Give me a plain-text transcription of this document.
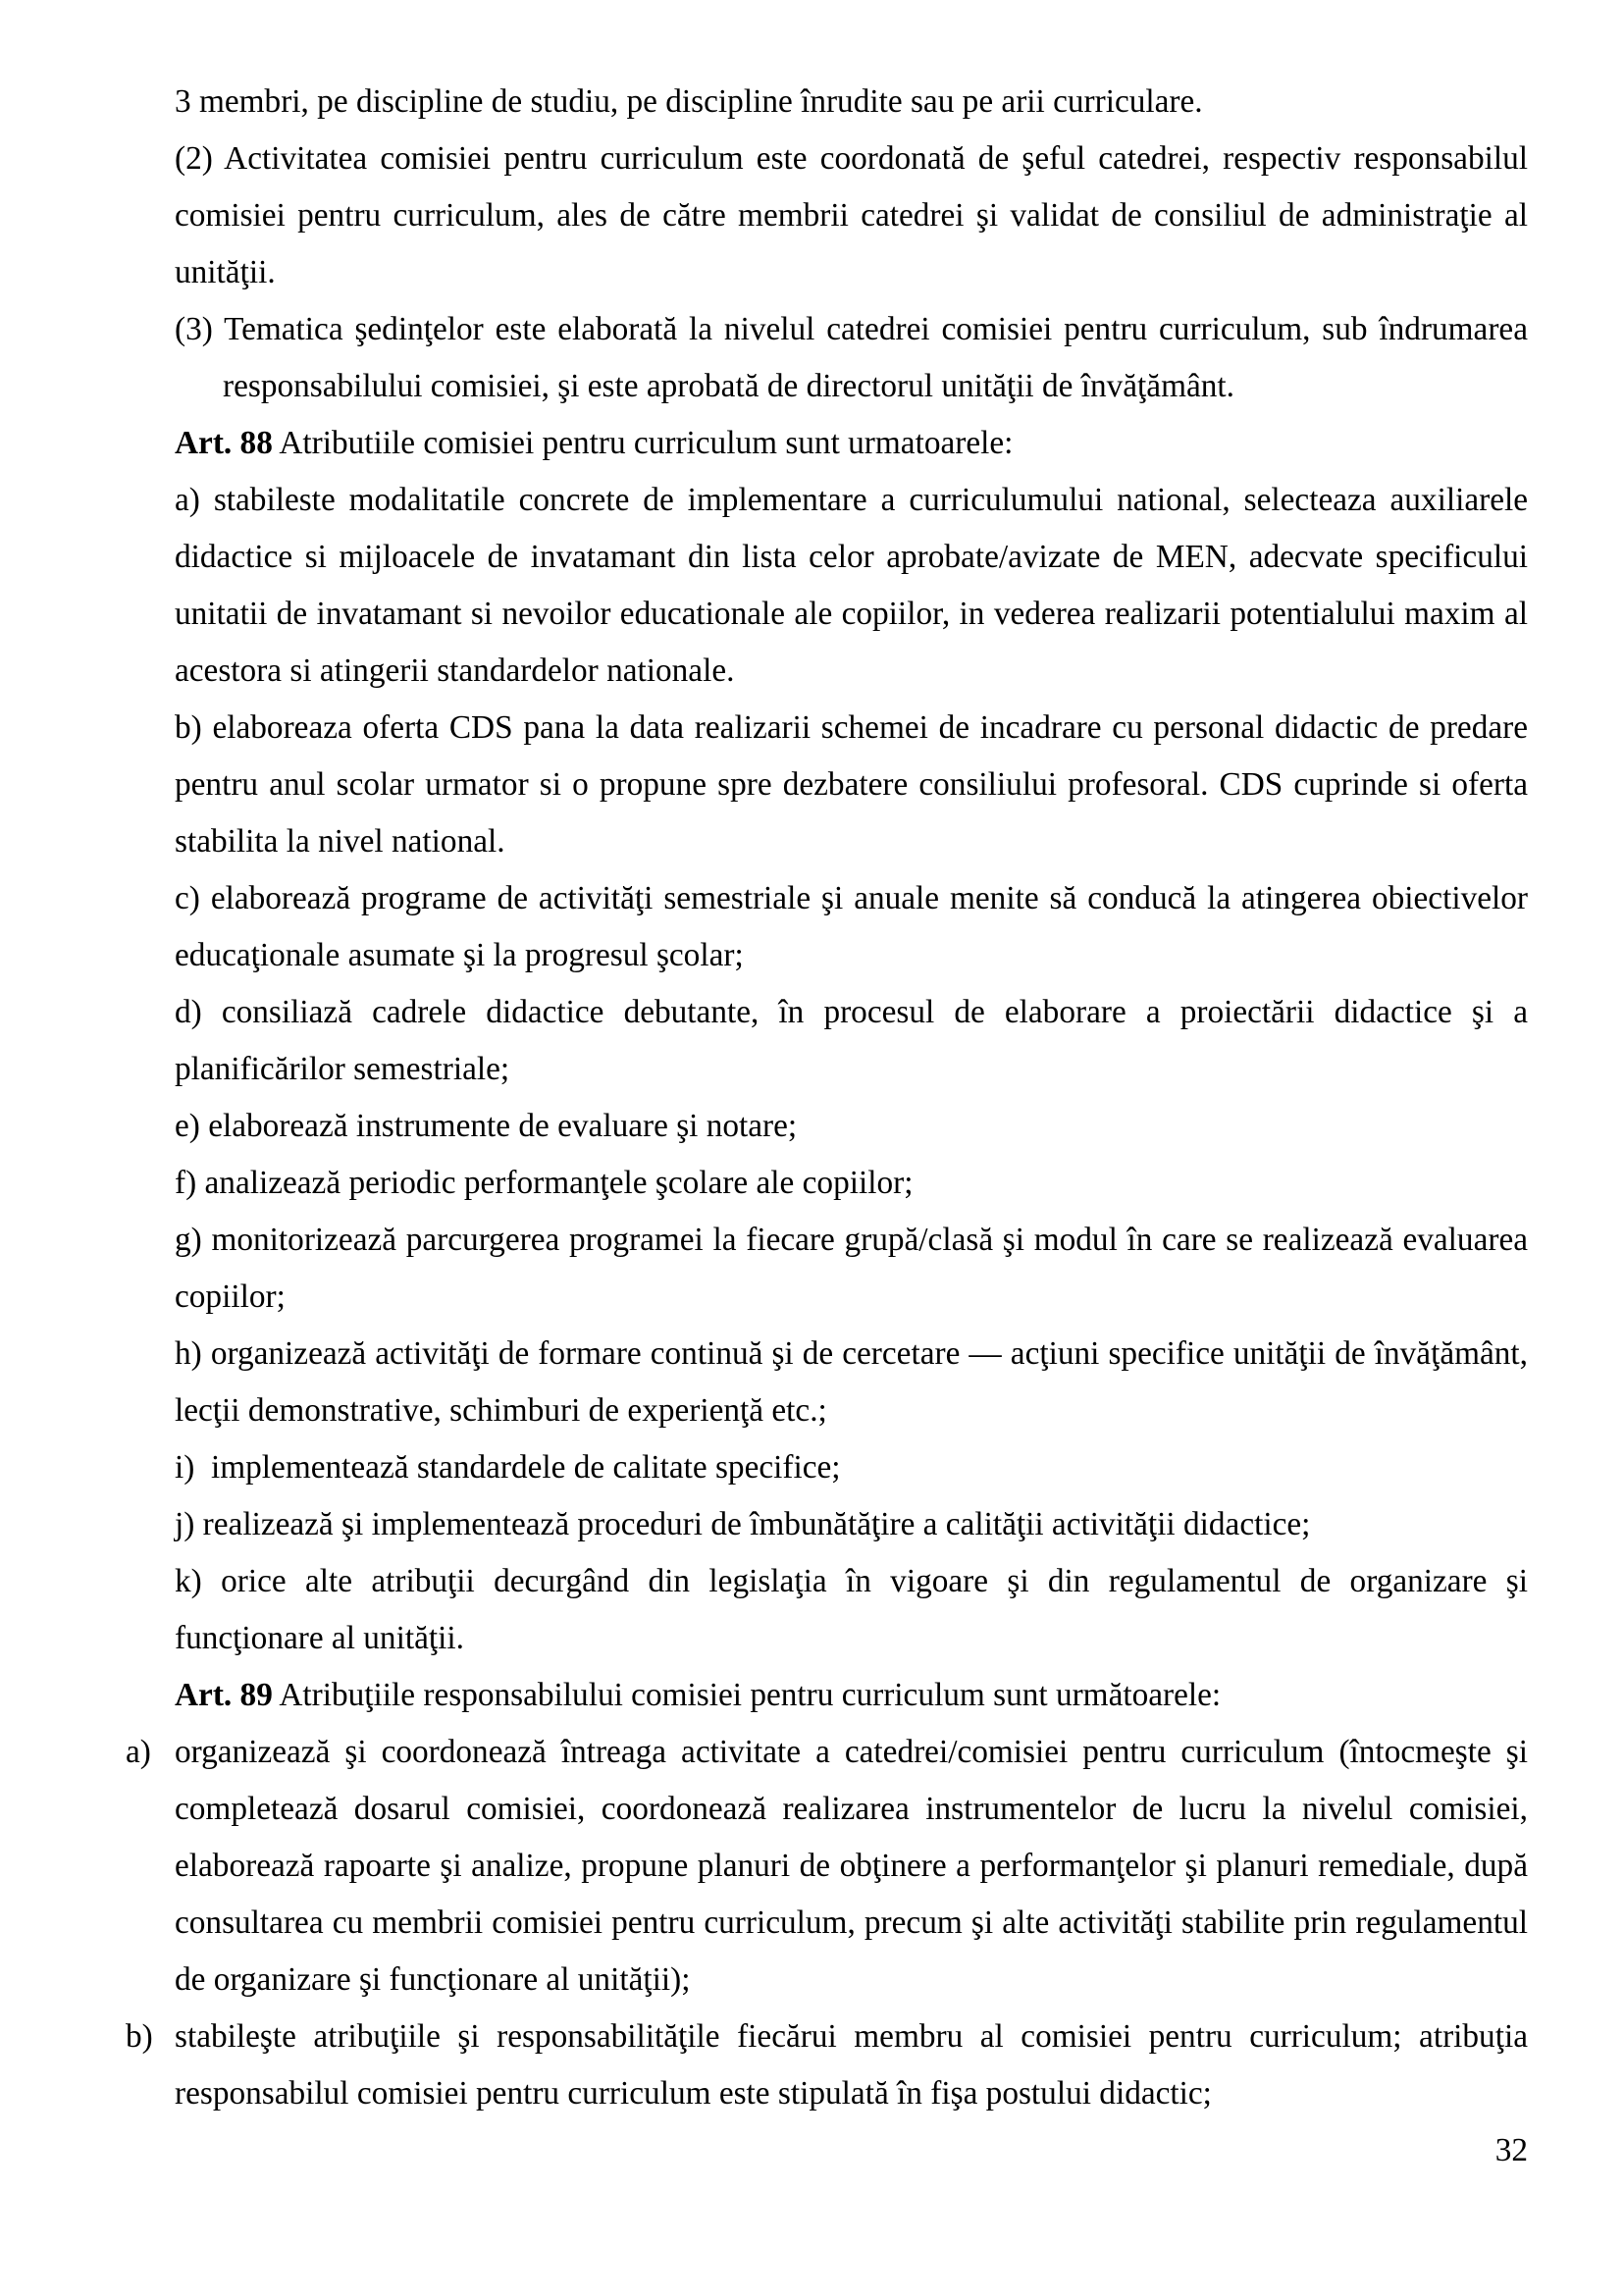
3 membri, pe discipline de studiu, pe discipline înrudite sau pe arii curriculare.

(2) Activitatea comisiei pentru curriculum este coordonată de şeful catedrei, respectiv responsabilul comisiei pentru curriculum, ales de către membrii catedrei şi validat de consiliul de administraţie al unităţii.

(3) Tematica şedinţelor este elaborată la nivelul catedrei comisiei pentru curriculum, sub îndrumarea responsabilului comisiei, şi este aprobată de directorul unităţii de învăţământ.

Art. 88 Atributiile comisiei pentru curriculum sunt urmatoarele:

a) stabileste modalitatile concrete de implementare a curriculumului national, selecteaza auxiliarele didactice si mijloacele de invatamant din lista celor aprobate/avizate de MEN, adecvate specificului unitatii de invatamant si nevoilor educationale ale copiilor, in vederea realizarii potentialului maxim al acestora si atingerii standardelor nationale.

b) elaboreaza oferta CDS pana la data realizarii schemei de incadrare cu personal didactic de predare pentru anul scolar urmator si o propune spre dezbatere consiliului profesoral. CDS cuprinde si oferta stabilita la nivel national.

c) elaborează programe de activităţi semestriale şi anuale menite să conducă la atingerea obiectivelor educaţionale asumate şi la progresul şcolar;

d) consiliază cadrele didactice debutante, în procesul de elaborare a proiectării didactice şi a planificărilor semestriale;

e) elaborează instrumente de evaluare şi notare;

f) analizează periodic performanţele şcolare ale copiilor;

g) monitorizează parcurgerea programei la fiecare grupă/clasă şi modul în care se realizează evaluarea copiilor;

h) organizează activităţi de formare continuă şi de cercetare — acţiuni specifice unităţii de învăţământ, lecţii demonstrative, schimburi de experienţă etc.;

i)  implementează standardele de calitate specifice;

j) realizează şi implementează proceduri de îmbunătăţire a calităţii activităţii didactice;

k) orice alte atribuţii decurgând din legislaţia în vigoare şi din regulamentul de organizare şi funcţionare al unităţii.

Art. 89 Atribuţiile responsabilului comisiei pentru curriculum sunt următoarele:

a) organizează şi coordonează întreaga activitate a catedrei/comisiei pentru curriculum (întocmeşte şi completează dosarul comisiei, coordonează realizarea instrumentelor de lucru la nivelul comisiei, elaborează rapoarte şi analize, propune planuri de obţinere a performanţelor şi planuri remediale, după consultarea cu membrii comisiei pentru curriculum, precum şi alte activităţi stabilite prin regulamentul de organizare şi funcţionare al unităţii);

b) stabileşte atribuţiile şi responsabilităţile fiecărui membru al comisiei pentru curriculum; atribuţia responsabilul comisiei pentru curriculum este stipulată în fişa postului didactic;

32
